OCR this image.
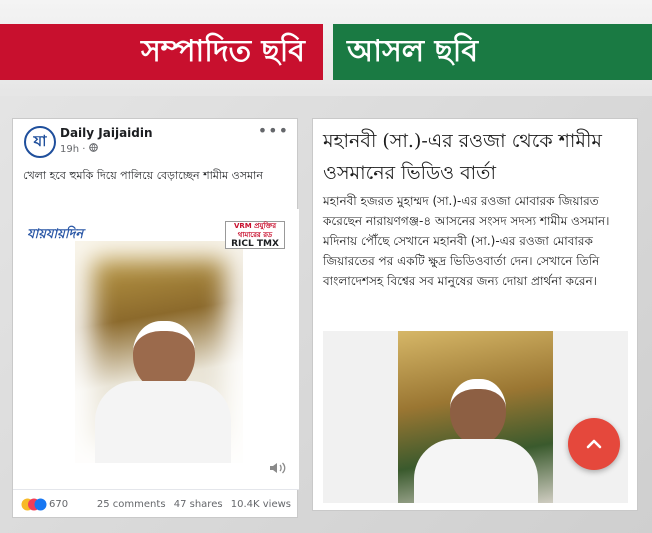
সম্পাদিত ছবি আসল ছবি
যা Daily Jaijaidin
19h ·
•••
খেলা হবে হুমকি দিয়ে পালিয়ে বেড়াচ্ছেন শামীম ওসমান
যায়যায়দিন
VRM প্রযুক্তির থামারের রড
RICL TMX
670	25 comments 47 shares 10.4K views
মহানবী (সা.)-এর রওজা থেকে শামীম ওসমানের ভিডিও বার্তা
মহানবী হজরত মুহাম্মদ (সা.)-এর রওজা মোবারক জিয়ারত করেছেন নারায়ণগঞ্জ-৪ আসনের সংসদ সদস্য শামীম ওসমান। মদিনায় পৌঁছে সেখানে মহানবী (সা.)-এর রওজা মোবারক জিয়ারতের পর একটি ক্ষুদ্র ভিডিওবার্তা দেন। সেখানে তিনি বাংলাদেশসহ বিশ্বের সব মানুষের জন্য দোয়া প্রার্থনা করেন।
